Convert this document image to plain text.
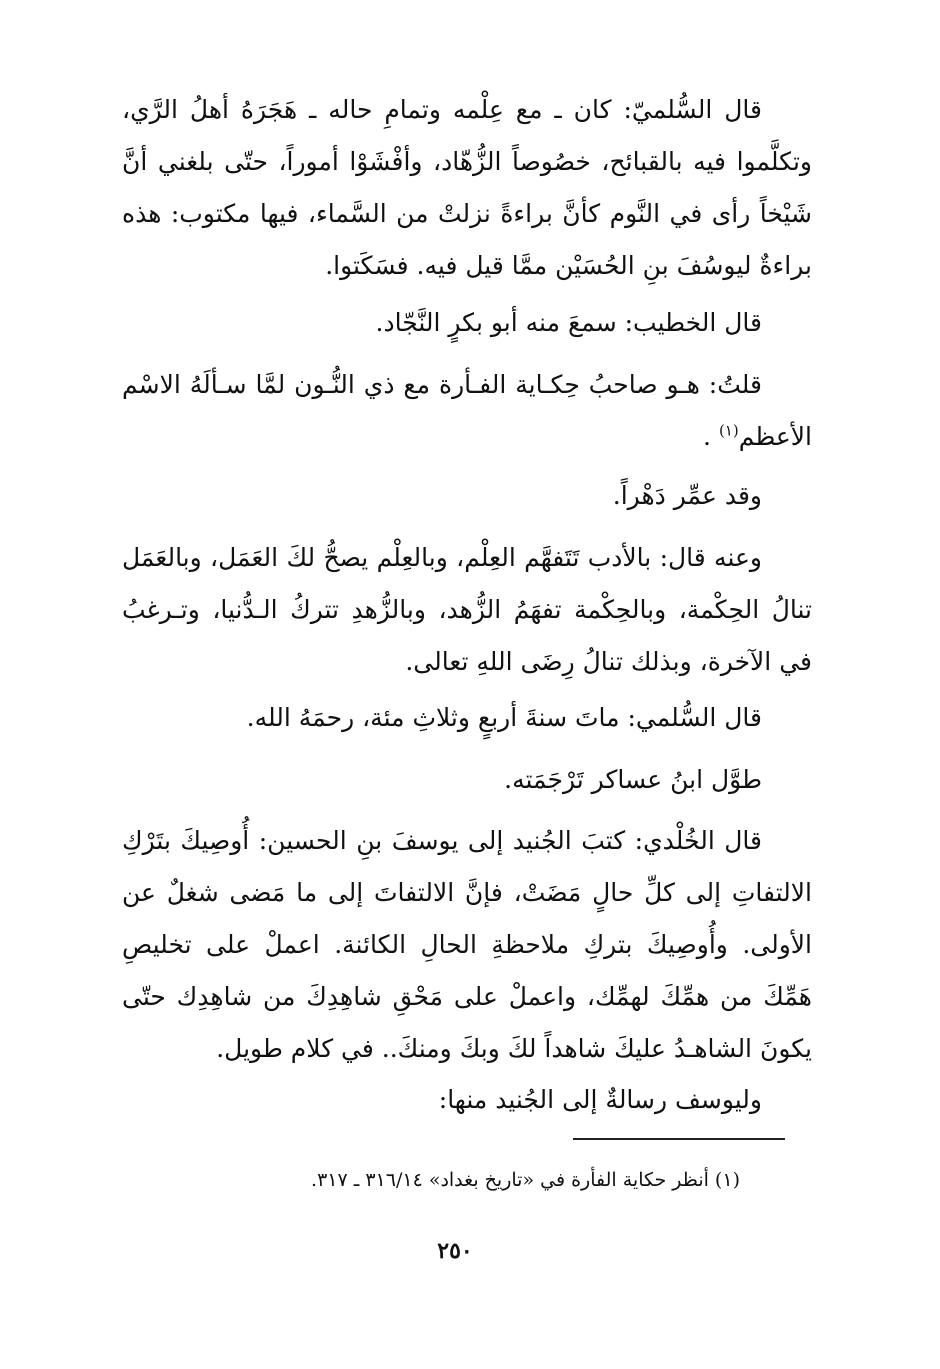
قال السُّلميّ: كان ـ مع عِلْمه وتمامِ حاله ـ هَجَرَهُ أهلُ الرَّي، وتكلَّموا فيه بالقبائح، خصُوصاً الزُّهّاد، وأفْشَوْا أموراً، حتّى بلغني أنَّ شَيْخاً رأى في النَّوم كأنَّ براءةً نزلتْ من السَّماء، فيها مكتوب: هذه براءةٌ ليوسُفَ بنِ الحُسَيْن ممَّا قيل فيه. فسَكَتوا.

قال الخطيب: سمعَ منه أبو بكرٍ النَّجّاد.

قلتُ: هـو صاحبُ حِكـاية الفـأرة مع ذي النُّـون لمَّا سـألَهُ الاسْم الأعظم$^{(١)}$ .

وقد عمِّر دَهْراً.

وعنه قال: بالأدب تَتَفهَّم العِلْم، وبالعِلْم يصحُّ لكَ العَمَل، وبالعَمَل تنالُ الحِكْمة، وبالحِكْمة تفهَمُ الزُّهد، وبالزُّهدِ تتركُ الـدُّنيا، وتـرغبُ في الآخرة، وبذلك تنالُ رِضَى اللهِ تعالى.

قال السُّلمي: ماتَ سنةَ أربعٍ وثلاثِ مئة، رحمَهُ الله.

طوَّل ابنُ عساكر تَرْجَمَته.

قال الخُلْدي: كتبَ الجُنيد إلى يوسفَ بنِ الحسين: أُوصِيكَ بتَرْكِ الالتفاتِ إلى كلِّ حالٍ مَضَتْ، فإنَّ الالتفاتَ إلى ما مَضى شغلٌ عن الأولى. وأُوصِيكَ بتركِ ملاحظةِ الحالِ الكائنة. اعملْ على تخليصِ هَمِّكَ من همِّكَ لهمِّك، واعملْ على مَحْقِ شاهِدِكَ من شاهِدِك حتّى يكونَ الشاهـدُ عليكَ شاهداً لكَ وبكَ ومنكَ.. في كلام طويل.

وليوسف رسالةٌ إلى الجُنيد منها:

(١) أنظر حكاية الفأرة في «تاريخ بغداد» ٣١٦/١٤ ـ ٣١٧.
٢٥٠
